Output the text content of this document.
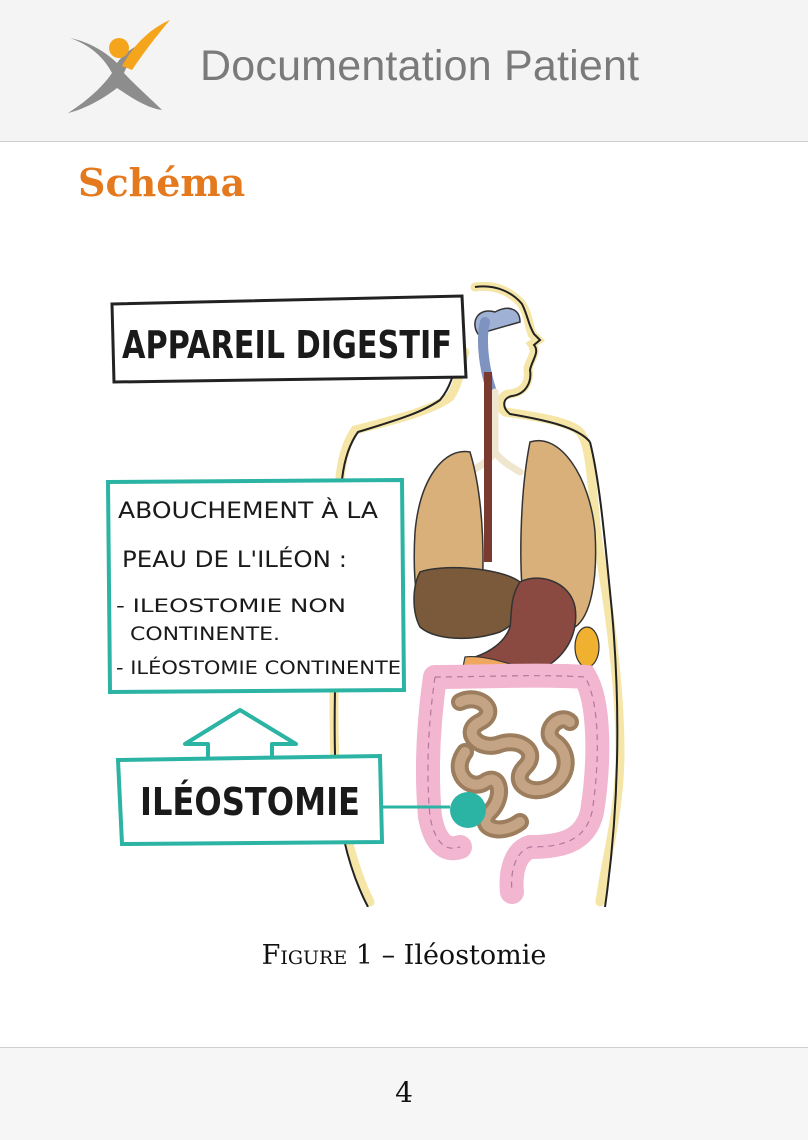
Documentation Patient
Schéma
APPAREIL DIGESTIF
ABOUCHEMENT À LA
PEAU DE L'ILÉON :
- ILEOSTOMIE NON
CONTINENTE.
- ILÉOSTOMIE CONTINENTE
ILÉOSTOMIE
Figure 1 – Iléostomie
4
